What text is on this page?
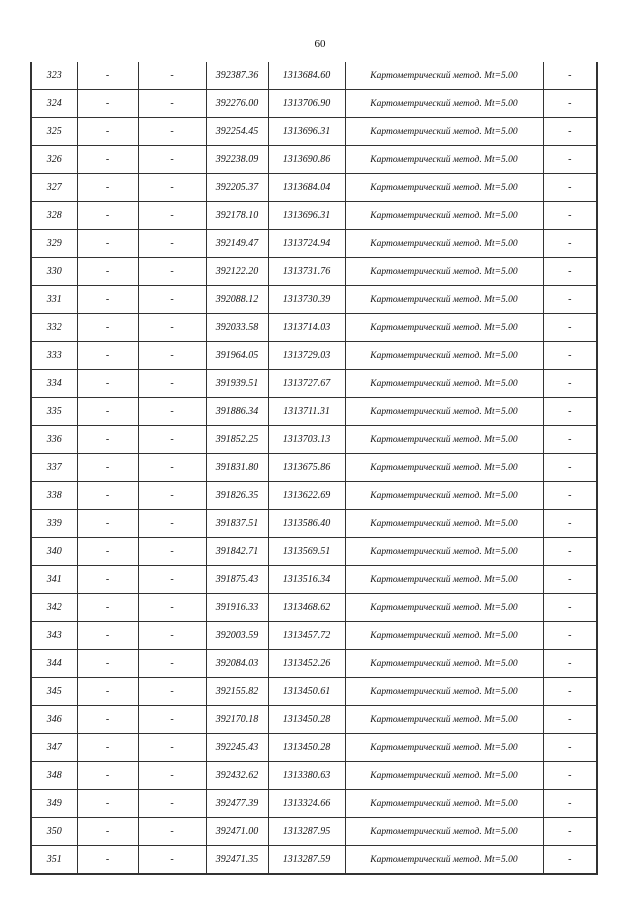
60
323	-	-	392387.36	1313684.60	Картометрический метод. Mt=5.00	-
324	-	-	392276.00	1313706.90	Картометрический метод. Mt=5.00	-
325	-	-	392254.45	1313696.31	Картометрический метод. Mt=5.00	-
326	-	-	392238.09	1313690.86	Картометрический метод. Mt=5.00	-
327	-	-	392205.37	1313684.04	Картометрический метод. Mt=5.00	-
328	-	-	392178.10	1313696.31	Картометрический метод. Mt=5.00	-
329	-	-	392149.47	1313724.94	Картометрический метод. Mt=5.00	-
330	-	-	392122.20	1313731.76	Картометрический метод. Mt=5.00	-
331	-	-	392088.12	1313730.39	Картометрический метод. Mt=5.00	-
332	-	-	392033.58	1313714.03	Картометрический метод. Mt=5.00	-
333	-	-	391964.05	1313729.03	Картометрический метод. Mt=5.00	-
334	-	-	391939.51	1313727.67	Картометрический метод. Mt=5.00	-
335	-	-	391886.34	1313711.31	Картометрический метод. Mt=5.00	-
336	-	-	391852.25	1313703.13	Картометрический метод. Mt=5.00	-
337	-	-	391831.80	1313675.86	Картометрический метод. Mt=5.00	-
338	-	-	391826.35	1313622.69	Картометрический метод. Mt=5.00	-
339	-	-	391837.51	1313586.40	Картометрический метод. Mt=5.00	-
340	-	-	391842.71	1313569.51	Картометрический метод. Mt=5.00	-
341	-	-	391875.43	1313516.34	Картометрический метод. Mt=5.00	-
342	-	-	391916.33	1313468.62	Картометрический метод. Mt=5.00	-
343	-	-	392003.59	1313457.72	Картометрический метод. Mt=5.00	-
344	-	-	392084.03	1313452.26	Картометрический метод. Mt=5.00	-
345	-	-	392155.82	1313450.61	Картометрический метод. Mt=5.00	-
346	-	-	392170.18	1313450.28	Картометрический метод. Mt=5.00	-
347	-	-	392245.43	1313450.28	Картометрический метод. Mt=5.00	-
348	-	-	392432.62	1313380.63	Картометрический метод. Mt=5.00	-
349	-	-	392477.39	1313324.66	Картометрический метод. Mt=5.00	-
350	-	-	392471.00	1313287.95	Картометрический метод. Mt=5.00	-
351	-	-	392471.35	1313287.59	Картометрический метод. Mt=5.00	-
